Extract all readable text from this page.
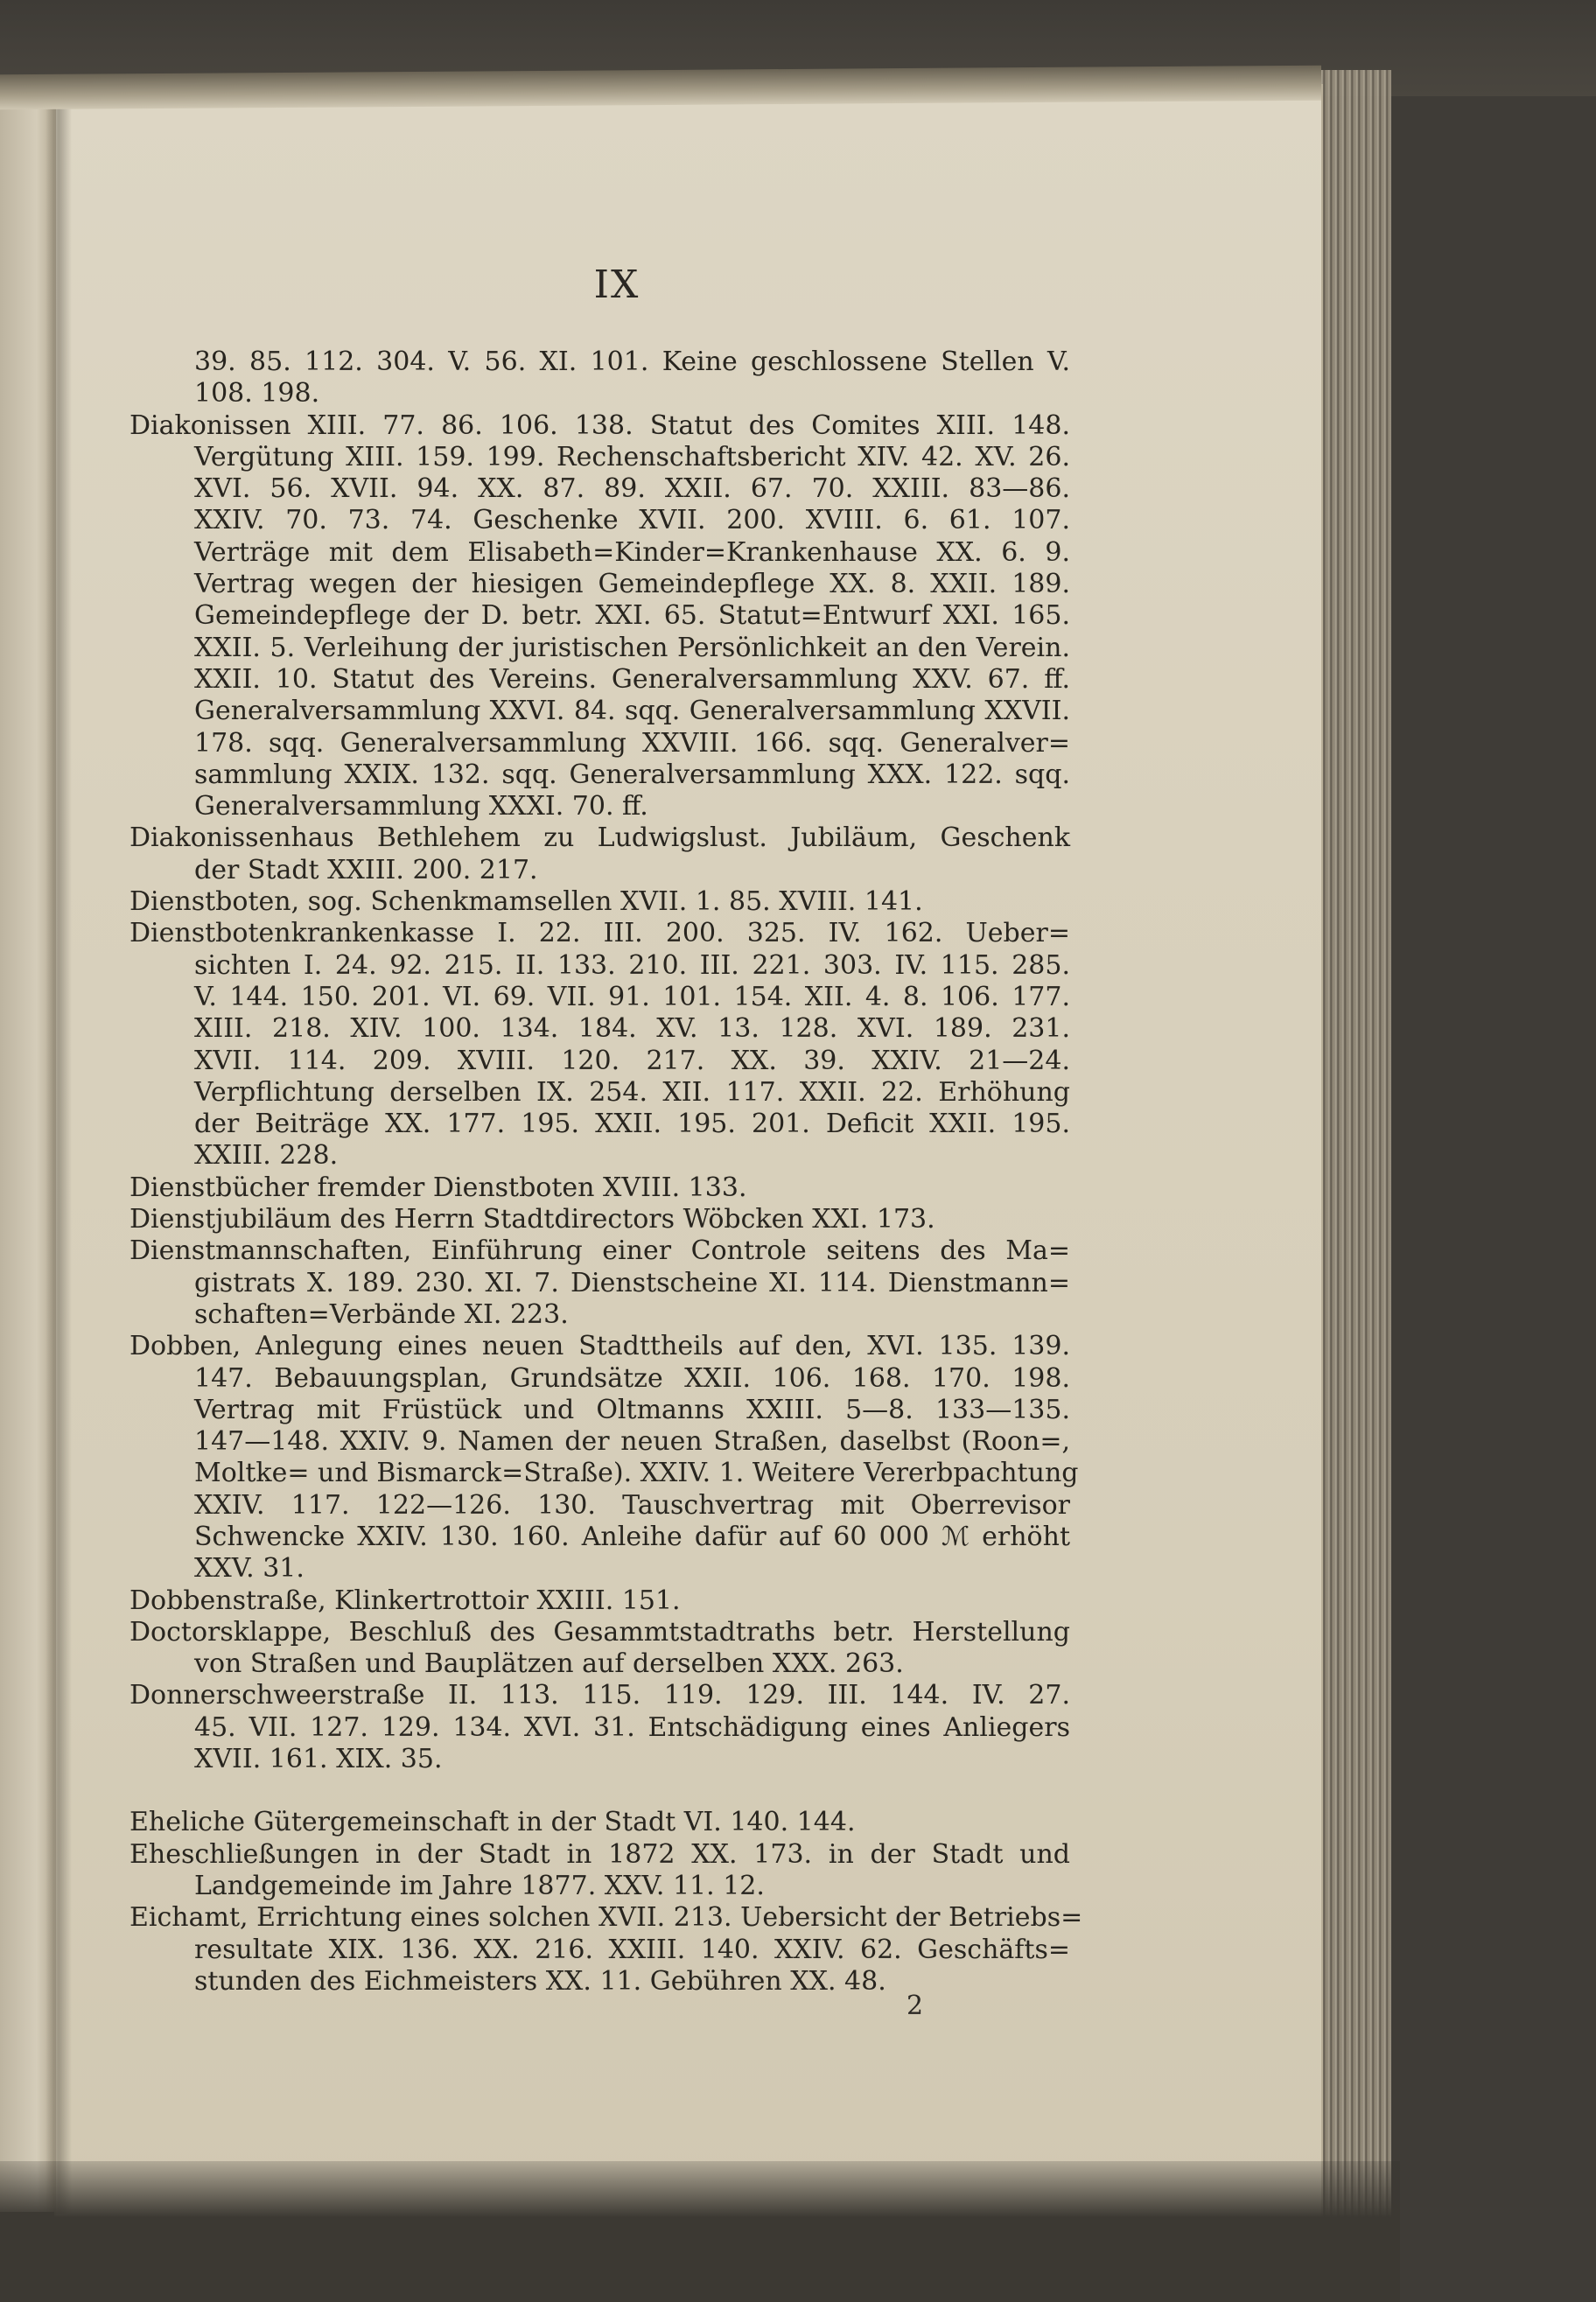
IX
39. 85. 112. 304. V. 56. XI. 101. Keine geschlossene Stellen V.
108. 198.
Diakonissen XIII. 77. 86. 106. 138. Statut des Comites XIII. 148.
Vergütung XIII. 159. 199. Rechenschaftsbericht XIV. 42. XV. 26.
XVI. 56. XVII. 94. XX. 87. 89. XXII. 67. 70. XXIII. 83—86.
XXIV. 70. 73. 74. Geschenke XVII. 200. XVIII. 6. 61. 107.
Verträge mit dem Elisabeth=Kinder=Krankenhause XX. 6. 9.
Vertrag wegen der hiesigen Gemeindepflege XX. 8. XXII. 189.
Gemeindepflege der D. betr. XXI. 65. Statut=Entwurf XXI. 165.
XXII. 5. Verleihung der juristischen Persönlichkeit an den Verein.
XXII. 10. Statut des Vereins. Generalversammlung XXV. 67. ff.
Generalversammlung XXVI. 84. sqq. Generalversammlung XXVII.
178. sqq. Generalversammlung XXVIII. 166. sqq. Generalver=
sammlung XXIX. 132. sqq. Generalversammlung XXX. 122. sqq.
Generalversammlung XXXI. 70. ff.
Diakonissenhaus Bethlehem zu Ludwigslust. Jubiläum, Geschenk
der Stadt XXIII. 200. 217.
Dienstboten, sog. Schenkmamsellen XVII. 1. 85. XVIII. 141.
Dienstbotenkrankenkasse I. 22. III. 200. 325. IV. 162. Ueber=
sichten I. 24. 92. 215. II. 133. 210. III. 221. 303. IV. 115. 285.
V. 144. 150. 201. VI. 69. VII. 91. 101. 154. XII. 4. 8. 106. 177.
XIII. 218. XIV. 100. 134. 184. XV. 13. 128. XVI. 189. 231.
XVII. 114. 209. XVIII. 120. 217. XX. 39. XXIV. 21—24.
Verpflichtung derselben IX. 254. XII. 117. XXII. 22. Erhöhung
der Beiträge XX. 177. 195. XXII. 195. 201. Deficit XXII. 195.
XXIII. 228.
Dienstbücher fremder Dienstboten XVIII. 133.
Dienstjubiläum des Herrn Stadtdirectors Wöbcken XXI. 173.
Dienstmannschaften, Einführung einer Controle seitens des Ma=
gistrats X. 189. 230. XI. 7. Dienstscheine XI. 114. Dienstmann=
schaften=Verbände XI. 223.
Dobben, Anlegung eines neuen Stadttheils auf den, XVI. 135. 139.
147. Bebauungsplan, Grundsätze XXII. 106. 168. 170. 198.
Vertrag mit Früstück und Oltmanns XXIII. 5—8. 133—135.
147—148. XXIV. 9. Namen der neuen Straßen, daselbst (Roon=,
Moltke= und Bismarck=Straße). XXIV. 1. Weitere Vererbpachtung
XXIV. 117. 122—126. 130. Tauschvertrag mit Oberrevisor
Schwencke XXIV. 130. 160. Anleihe dafür auf 60 000 ℳ erhöht
XXV. 31.
Dobbenstraße, Klinkertrottoir XXIII. 151.
Doctorsklappe, Beschluß des Gesammtstadtraths betr. Herstellung
von Straßen und Bauplätzen auf derselben XXX. 263.
Donnerschweerstraße II. 113. 115. 119. 129. III. 144. IV. 27.
45. VII. 127. 129. 134. XVI. 31. Entschädigung eines Anliegers
XVII. 161. XIX. 35.
Eheliche Gütergemeinschaft in der Stadt VI. 140. 144.
Eheschließungen in der Stadt in 1872 XX. 173. in der Stadt und
Landgemeinde im Jahre 1877. XXV. 11. 12.
Eichamt, Errichtung eines solchen XVII. 213. Uebersicht der Betriebs=
resultate XIX. 136. XX. 216. XXIII. 140. XXIV. 62. Geschäfts=
stunden des Eichmeisters XX. 11. Gebühren XX. 48.
2
